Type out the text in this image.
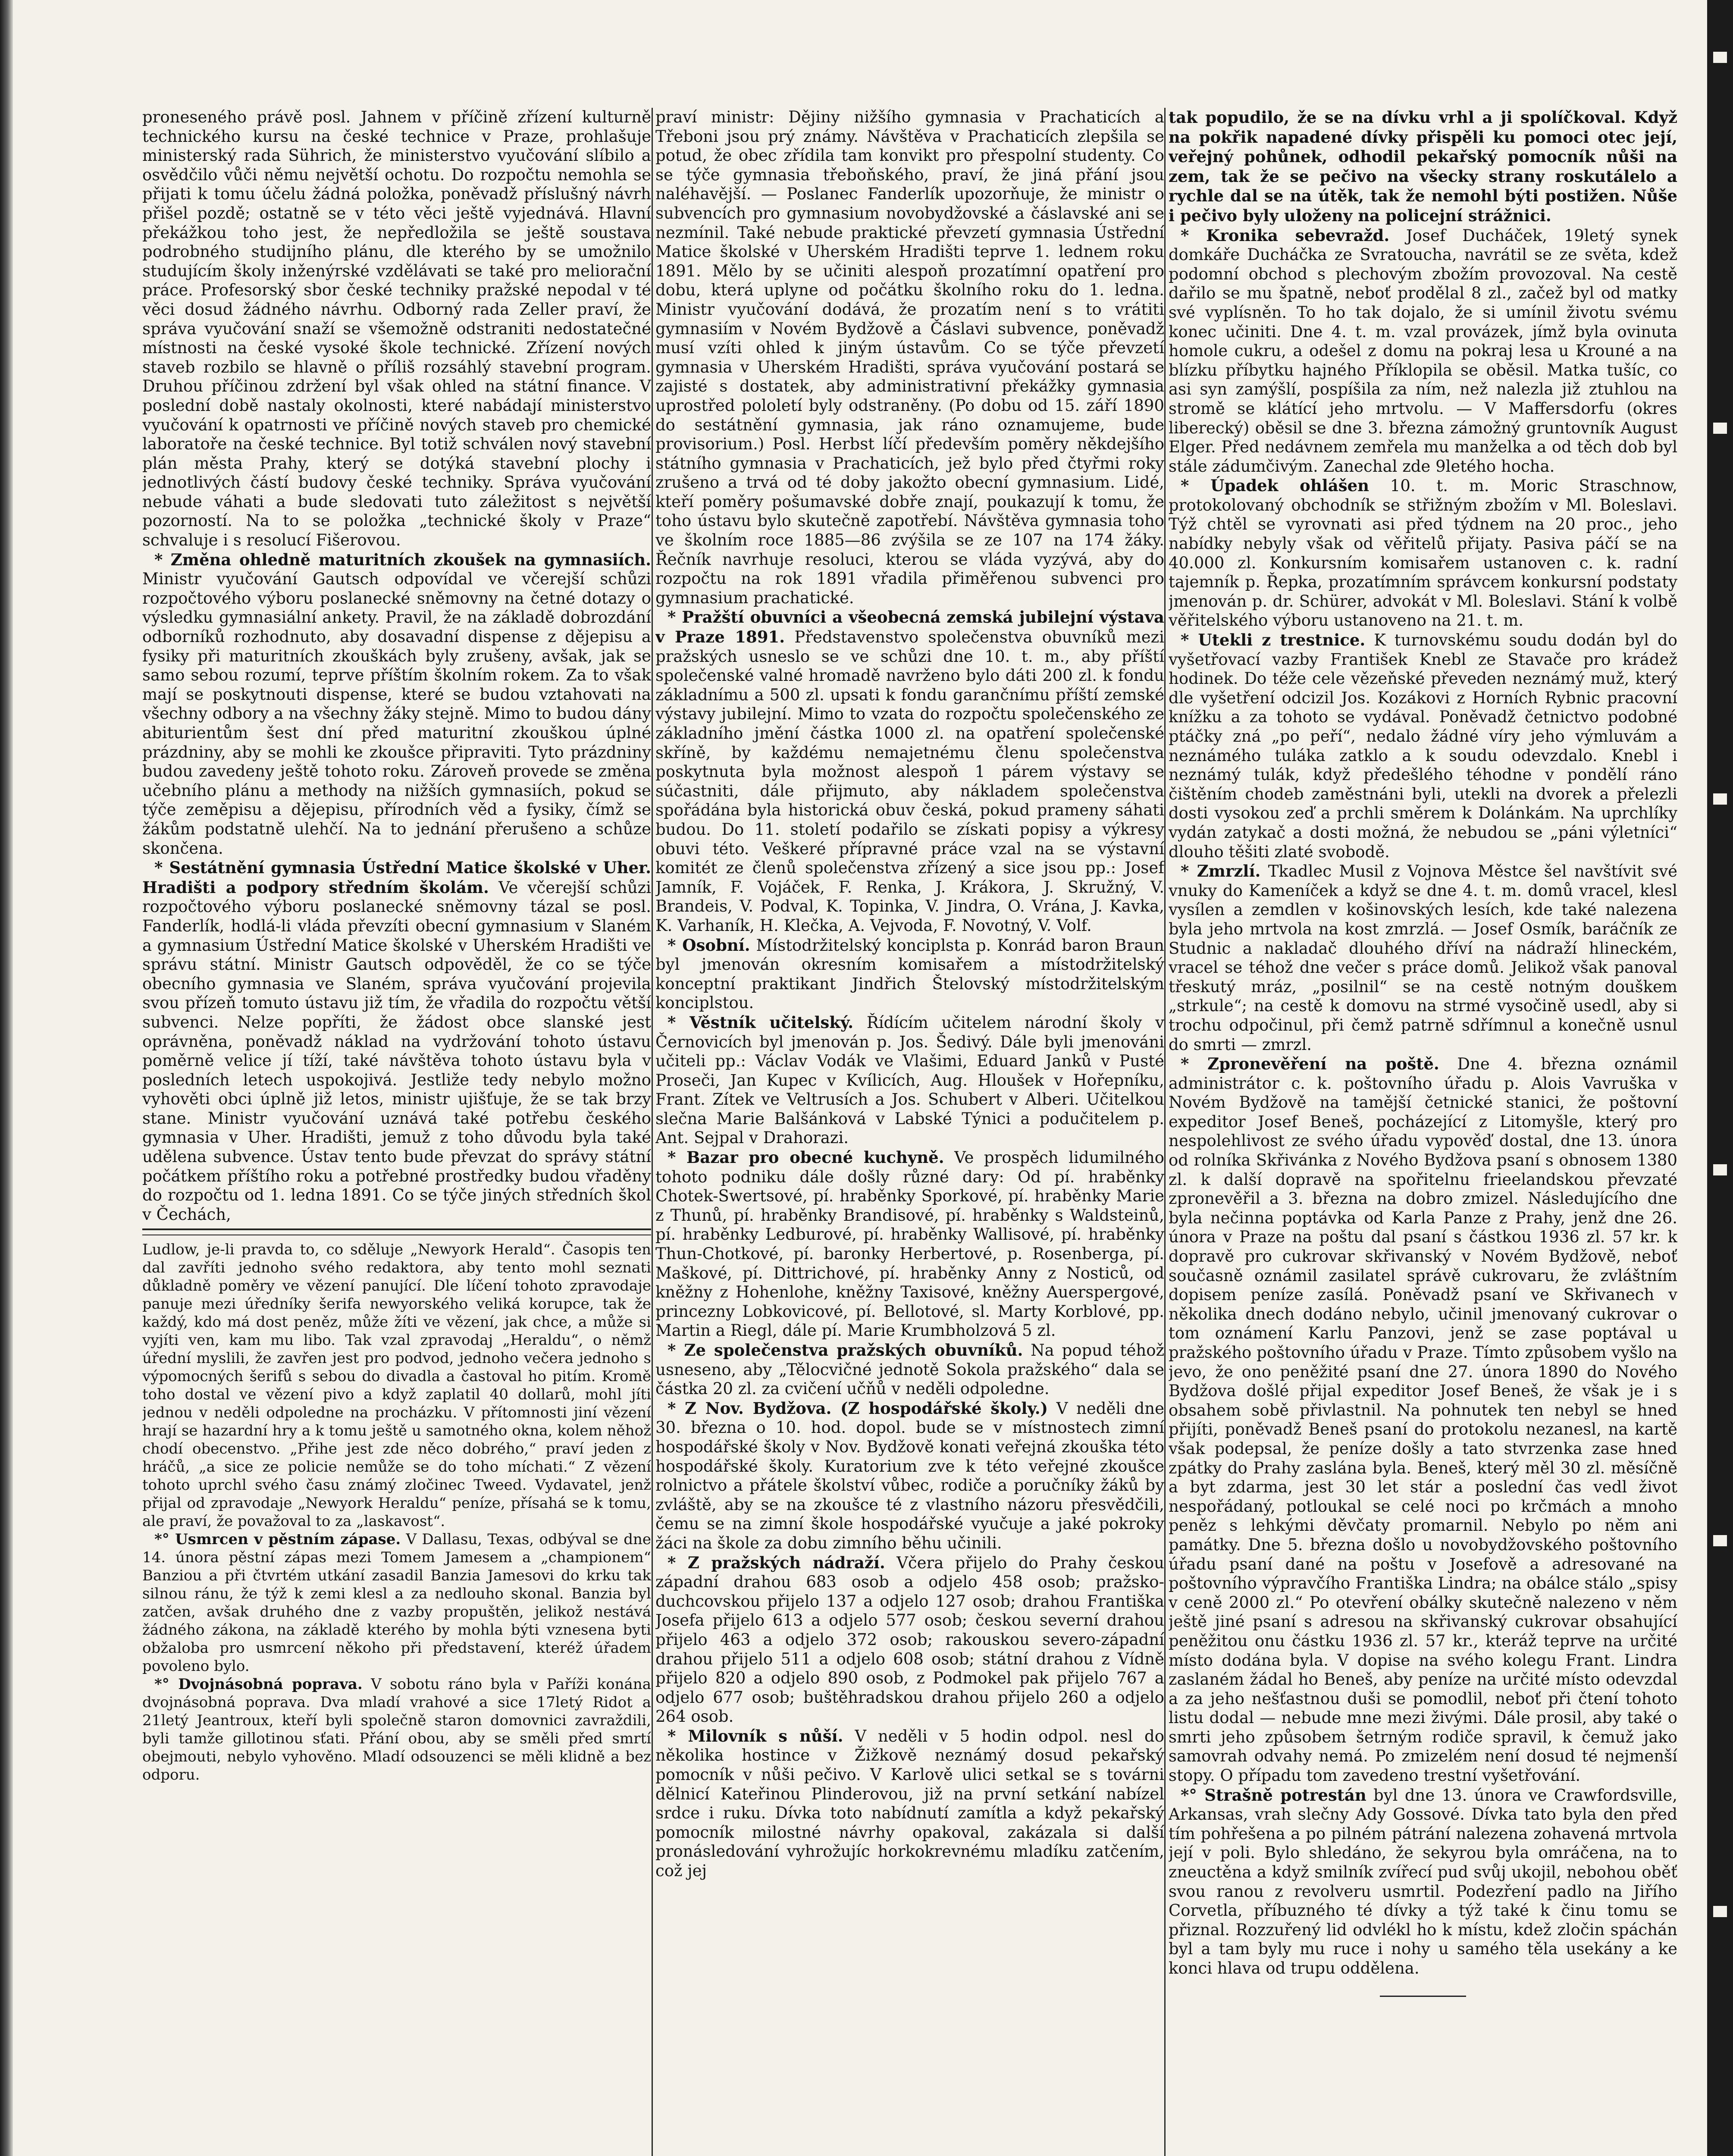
proneseného právě posl. Jahnem v příčině zřízení kulturně technického kursu na české technice v Praze, prohlašuje ministerský rada Sührich, že ministerstvo vyučování slíbilo a osvědčilo vůči němu největší ochotu. Do rozpočtu nemohla se přijati k tomu účelu žádná položka, poněvadž příslušný návrh přišel pozdě; ostatně se v této věci ještě vyjednává. Hlavní překážkou toho jest, že nepředložila se ještě soustava podrobného studijního plánu, dle kterého by se umožnilo studujícím školy inženýrské vzdělávati se také pro meliorační práce. Profesorský sbor české techniky pražské nepodal v té věci dosud žádného návrhu. Odborný rada Zeller praví, že správa vyučování snaží se všemožně odstraniti nedostatečné místnosti na české vysoké škole technické. Zřízení nových staveb rozbilo se hlavně o příliš rozsáhlý stavební program. Druhou příčinou zdržení byl však ohled na státní finance. V poslední době nastaly okolnosti, které nabádají ministerstvo vyučování k opatrnosti ve příčině nových staveb pro chemické laboratoře na české technice. Byl totiž schválen nový stavební plán města Prahy, který se dotýká stavební plochy i jednotlivých částí budovy české techniky. Správa vyučování nebude váhati a bude sledovati tuto záležitost s největší pozorností. Na to se položka „technické školy v Praze“ schvaluje i s resolucí Fišerovou.

* Změna ohledně maturitních zkoušek na gymnasiích. Ministr vyučování Gautsch odpovídal ve včerejší schůzi rozpočtového výboru poslanecké sněmovny na četné dotazy o výsledku gymnasiální ankety. Pravil, že na základě dobrozdání odborníků rozhodnuto, aby dosavadní dispense z dějepisu a fysiky při maturitních zkouškách byly zrušeny, avšak, jak se samo sebou rozumí, teprve příštím školním rokem. Za to však mají se poskytnouti dispense, které se budou vztahovati na všechny odbory a na všechny žáky stejně. Mimo to budou dány abiturientům šest dní před maturitní zkouškou úplné prázdniny, aby se mohli ke zkoušce připraviti. Tyto prázdniny budou zavedeny ještě tohoto roku. Zároveň provede se změna učebního plánu a methody na nižších gymnasiích, pokud se týče zeměpisu a dějepisu, přírodních věd a fysiky, čímž se žákům podstatně ulehčí. Na to jednání přerušeno a schůze skončena.

* Sestátnění gymnasia Ústřední Matice školské v Uher. Hradišti a podpory středním školám. Ve včerejší schůzi rozpočtového výboru poslanecké sněmovny tázal se posl. Fanderlík, hodlá-li vláda převzíti obecní gymnasium v Slaném a gymnasium Ústřední Matice školské v Uherském Hradišti ve správu státní. Ministr Gautsch odpověděl, že co se týče obecního gymnasia ve Slaném, správa vyučování projevila svou přízeň tomuto ústavu již tím, že vřadila do rozpočtu větší subvenci. Nelze popříti, že žádost obce slanské jest oprávněna, poněvadž náklad na vydržování tohoto ústavu poměrně velice jí tíží, také návštěva tohoto ústavu byla v posledních letech uspokojivá. Jestliže tedy nebylo možno vyhověti obci úplně již letos, ministr ujišťuje, že se tak brzy stane. Ministr vyučování uznává také potřebu českého gymnasia v Uher. Hradišti, jemuž z toho důvodu byla také udělena subvence. Ústav tento bude převzat do správy státní počátkem příštího roku a potřebné prostředky budou vřaděny do rozpočtu od 1. ledna 1891. Co se týče jiných středních škol v Čechách,

Ludlow, je-li pravda to, co sděluje „Newyork Herald“. Časopis ten dal zavříti jednoho svého redaktora, aby tento mohl seznati důkladně poměry ve vězení panující. Dle líčení tohoto zpravodaje panuje mezi úředníky šerifa newyorského veliká korupce, tak že každý, kdo má dost peněz, může žíti ve vězení, jak chce, a může si vyjíti ven, kam mu libo. Tak vzal zpravodaj „Heraldu“, o němž úřední myslili, že zavřen jest pro podvod, jednoho večera jednoho s výpomocných šerifů s sebou do divadla a častoval ho pitím. Kromě toho dostal ve vězení pivo a když zaplatil 40 dollarů, mohl jíti jednou v neděli odpoledne na procházku. V přítomnosti jiní vězení hrají se hazardní hry a k tomu ještě u samotného okna, kolem něhož chodí obecenstvo. „Přihe jest zde něco dobrého,“ praví jeden z hráčů, „a sice ze policie nemůže se do toho míchati.“ Z vězení tohoto uprchl svého času známý zločinec Tweed. Vydavatel, jenž přijal od zpravodaje „Newyork Heraldu“ peníze, přísahá se k tomu, ale praví, že považoval to za „laskavost“.

*° Usmrcen v pěstním zápase. V Dallasu, Texas, odbýval se dne 14. února pěstní zápas mezi Tomem Jamesem a „championem“ Banziou a při čtvrtém utkání zasadil Banzia Jamesovi do krku tak silnou ránu, že týž k zemi klesl a za nedlouho skonal. Banzia byl zatčen, avšak druhého dne z vazby propuštěn, jelikož nestává žádného zákona, na základě kterého by mohla býti vznesena byti obžaloba pro usmrcení někoho při představení, kteréž úřadem povoleno bylo.

*° Dvojnásobná poprava. V sobotu ráno byla v Paříži konána dvojnásobná poprava. Dva mladí vrahové a sice 17letý Ridot a 21letý Jeantroux, kteří byli společně staron domovnici zavraždili, byli tamže gillotinou sťati. Přání obou, aby se směli před smrtí obejmouti, nebylo vyhověno. Mladí odsouzenci se měli klidně a bez odporu.

praví ministr: Dějiny nižšího gymnasia v Prachaticích a Třeboni jsou prý známy. Návštěva v Prachaticích zlepšila se potud, že obec zřídila tam konvikt pro přespolní studenty. Co se týče gymnasia třeboňského, praví, že jiná přání jsou naléhavější. — Poslanec Fanderlík upozorňuje, že ministr o subvencích pro gymnasium novobydžovské a čáslavské ani se nezmínil. Také nebude praktické převzetí gymnasia Ústřední Matice školské v Uherském Hradišti teprve 1. lednem roku 1891. Mělo by se učiniti alespoň prozatímní opatření pro dobu, která uplyne od počátku školního roku do 1. ledna. Ministr vyučování dodává, že prozatím není s to vrátiti gymnasiím v Novém Bydžově a Čáslavi subvence, poněvadž musí vzíti ohled k jiným ústavům. Co se týče převzetí gymnasia v Uherském Hradišti, správa vyučování postará se zajisté s dostatek, aby administrativní překážky gymnasia uprostřed pololetí byly odstraněny. (Po dobu od 15. září 1890 do sestátnění gymnasia, jak ráno oznamujeme, bude provisorium.) Posl. Herbst líčí především poměry někdejšího státního gymnasia v Prachaticích, jež bylo před čtyřmi roky zrušeno a trvá od té doby jakožto obecní gymnasium. Lidé, kteří poměry pošumavské dobře znají, poukazují k tomu, že toho ústavu bylo skutečně zapotřebí. Návštěva gymnasia toho ve školním roce 1885—86 zvýšila se ze 107 na 174 žáky. Řečník navrhuje resoluci, kterou se vláda vyzývá, aby do rozpočtu na rok 1891 vřadila přiměřenou subvenci pro gymnasium prachatické.

* Pražští obuvníci a všeobecná zemská jubilejní výstava v Praze 1891. Představenstvo společenstva obuvníků mezi pražských usneslo se ve schůzi dne 10. t. m., aby příští společenské valné hromadě navrženo bylo dáti 200 zl. k fondu základnímu a 500 zl. upsati k fondu garančnímu příští zemské výstavy jubilejní. Mimo to vzata do rozpočtu společenského ze základního jmění částka 1000 zl. na opatření společenské skříně, by každému nemajetnému členu společenstva poskytnuta byla možnost alespoň 1 párem výstavy se súčastniti, dále přijmuto, aby nákladem společenstva spořádána byla historická obuv česká, pokud prameny sáhati budou. Do 11. století podařilo se získati popisy a výkresy obuvi této. Veškeré přípravné práce vzal na se výstavní komitét ze členů společenstva zřízený a sice jsou pp.: Josef Jamník, F. Vojáček, F. Renka, J. Krákora, J. Skružný, V. Brandeis, V. Podval, K. Topinka, V. Jindra, O. Vrána, J. Kavka, K. Varhaník, H. Klečka, A. Vejvoda, F. Novotný, V. Volf.

* Osobní. Místodržitelský konciplsta p. Konrád baron Braun byl jmenován okresním komisařem a místodržitelský konceptní praktikant Jindřich Štelovský místodržitelským konciplstou.

* Věstník učitelský. Řídícím učitelem národní školy v Černovicích byl jmenován p. Jos. Šedivý. Dále byli jmenováni učiteli pp.: Václav Vodák ve Vlašimi, Eduard Janků v Pusté Proseči, Jan Kupec v Kvílicích, Aug. Hloušek v Hořepníku, Frant. Zítek ve Veltrusích a Jos. Schubert v Alberi. Učitelkou slečna Marie Balšánková v Labské Týnici a podučitelem p. Ant. Sejpal v Drahorazi.

* Bazar pro obecné kuchyně. Ve prospěch lidumilného tohoto podniku dále došly různé dary: Od pí. hraběnky Chotek-Swertsové, pí. hraběnky Sporkové, pí. hraběnky Marie z Thunů, pí. hraběnky Brandisové, pí. hraběnky s Waldsteinů, pí. hraběnky Ledburové, pí. hraběnky Wallisové, pí. hraběnky Thun-Chotkové, pí. baronky Herbertové, p. Rosenberga, pí. Maškové, pí. Dittrichové, pí. hraběnky Anny z Nosticů, od kněžny z Hohenlohe, kněžny Taxisové, kněžny Auerspergové, princezny Lobkovicové, pí. Bellotové, sl. Marty Korblové, pp. Martin a Riegl, dále pí. Marie Krumbholzová 5 zl.

* Ze společenstva pražských obuvníků. Na popud téhož usneseno, aby „Tělocvičné jednotě Sokola pražského“ dala se částka 20 zl. za cvičení učňů v neděli odpoledne.

* Z Nov. Bydžova. (Z hospodářské školy.) V neděli dne 30. března o 10. hod. dopol. bude se v místnostech zimní hospodářské školy v Nov. Bydžově konati veřejná zkouška této hospodářské školy. Kuratorium zve k této veřejné zkoušce rolnictvo a přátele školství vůbec, rodiče a poručníky žáků by zvláště, aby se na zkoušce té z vlastního názoru přesvědčili, čemu se na zimní škole hospodářské vyučuje a jaké pokroky žáci na škole za dobu zimního běhu učinili.

* Z pražských nádraží. Včera přijelo do Prahy českou západní drahou 683 osob a odjelo 458 osob; pražsko-duchcovskou přijelo 137 a odjelo 127 osob; drahou Františka Josefa přijelo 613 a odjelo 577 osob; českou severní drahou přijelo 463 a odjelo 372 osob; rakouskou severo-západní drahou přijelo 511 a odjelo 608 osob; státní drahou z Vídně přijelo 820 a odjelo 890 osob, z Podmokel pak přijelo 767 a odjelo 677 osob; buštěhradskou drahou přijelo 260 a odjelo 264 osob.

* Milovník s nůší. V neděli v 5 hodin odpol. nesl do několika hostince v Žižkově neznámý dosud pekařský pomocník v nůši pečivo. V Karlově ulici setkal se s továrni dělnicí Kateřinou Plinderovou, již na první setkání nabízel srdce i ruku. Dívka toto nabídnutí zamítla a když pekařský pomocník milostné návrhy opakoval, zakázala si další pronásledování vyhrožujíc horkokrevnému mladíku zatčením, což jej

tak popudilo, že se na dívku vrhl a ji spolíčkoval. Když na pokřik napadené dívky přispěli ku pomoci otec její, veřejný pohůnek, odhodil pekařský pomocník nůši na zem, tak že se pečivo na všecky strany roskutálelo a rychle dal se na útěk, tak že nemohl býti postižen. Nůše i pečivo byly uloženy na policejní strážnici.

* Kronika sebevražd. Josef Ducháček, 19letý synek domkáře Ducháčka ze Svratoucha, navrátil se ze světa, kdež podomní obchod s plechovým zbožím provozoval. Na cestě dařilo se mu špatně, neboť prodělal 8 zl., začež byl od matky své vyplísněn. To ho tak dojalo, že si umínil životu svému konec učiniti. Dne 4. t. m. vzal provázek, jímž byla ovinuta homole cukru, a odešel z domu na pokraj lesa u Krouné a na blízku příbytku hajného Příklopila se oběsil. Matka tušíc, co asi syn zamýšlí, pospíšila za ním, než nalezla již ztuhlou na stromě se klátící jeho mrtvolu. — V Maffersdorfu (okres liberecký) oběsil se dne 3. března zámožný gruntovník August Elger. Před nedávnem zemřela mu manželka a od těch dob byl stále zádumčivým. Zanechal zde 9letého hocha.

* Úpadek ohlášen 10. t. m. Moric Straschnow, protokolovaný obchodník se střižným zbožím v Ml. Boleslavi. Týž chtěl se vyrovnati asi před týdnem na 20 proc., jeho nabídky nebyly však od věřitelů přijaty. Pasiva páčí se na 40.000 zl. Konkursním komisařem ustanoven c. k. radní tajemník p. Řepka, prozatímním správcem konkursní podstaty jmenován p. dr. Schürer, advokát v Ml. Boleslavi. Stání k volbě věřitelského výboru ustanoveno na 21. t. m.

* Utekli z trestnice. K turnovskému soudu dodán byl do vyšetřovací vazby František Knebl ze Stavače pro krádež hodinek. Do téže cele vězeňské převeden neznámý muž, který dle vyšetření odcizil Jos. Kozákovi z Horních Rybnic pracovní knížku a za tohoto se vydával. Poněvadž četnictvo podobné ptáčky zná „po peří“, nedalo žádné víry jeho výmluvám a neznámého tuláka zatklo a k soudu odevzdalo. Knebl i neznámý tulák, když předešlého téhodne v pondělí ráno čištěním chodeb zaměstnáni byli, utekli na dvorek a přelezli dosti vysokou zeď a prchli směrem k Dolánkám. Na uprchlíky vydán zatykač a dosti možná, že nebudou se „páni výletníci“ dlouho těšiti zlaté svobodě.

* Zmrzlí. Tkadlec Musil z Vojnova Městce šel navštívit své vnuky do Kameníček a když se dne 4. t. m. domů vracel, klesl vysílen a zemdlen v košinovských lesích, kde také nalezena byla jeho mrtvola na kost zmrzlá. — Josef Osmík, baráčník ze Studnic a nakladač dlouhého dříví na nádraží hlineckém, vracel se téhož dne večer s práce domů. Jelikož však panoval třeskutý mráz, „posilnil“ se na cestě notným douškem „strkule“; na cestě k domovu na strmé vysočině usedl, aby si trochu odpočinul, při čemž patrně sdřímnul a konečně usnul do smrti — zmrzl.

* Zpronevěření na poště. Dne 4. března oznámil administrátor c. k. poštovního úřadu p. Alois Vavruška v Novém Bydžově na tamější četnické stanici, že poštovní expeditor Josef Beneš, pocházející z Litomyšle, který pro nespolehlivost ze svého úřadu vypověď dostal, dne 13. února od rolníka Skřivánka z Nového Bydžova psaní s obnosem 1380 zl. k další dopravě na spořitelnu frieelandskou převzaté zpronevěřil a 3. března na dobro zmizel. Následujícího dne byla nečinna poptávka od Karla Panze z Prahy, jenž dne 26. února v Praze na poštu dal psaní s částkou 1936 zl. 57 kr. k dopravě pro cukrovar skřivanský v Novém Bydžově, neboť současně oznámil zasilatel správě cukrovaru, že zvláštním dopisem peníze zasílá. Poněvadž psaní ve Skřivanech v několika dnech dodáno nebylo, učinil jmenovaný cukrovar o tom oznámení Karlu Panzovi, jenž se zase poptával u pražského poštovního úřadu v Praze. Tímto způsobem vyšlo na jevo, že ono peněžité psaní dne 27. února 1890 do Nového Bydžova došlé přijal expeditor Josef Beneš, že však je i s obsahem sobě přivlastnil. Na pohnutek ten nebyl se hned přijíti, poněvadž Beneš psaní do protokolu nezanesl, na kartě však podepsal, že peníze došly a tato stvrzenka zase hned zpátky do Prahy zaslána byla. Beneš, který měl 30 zl. měsíčně a byt zdarma, jest 30 let stár a poslední čas vedl život nespořádaný, potloukal se celé noci po krčmách a mnoho peněz s lehkými děvčaty promarnil. Nebylo po něm ani památky. Dne 5. března došlo u novobydžovského poštovního úřadu psaní dané na poštu v Josefově a adresované na poštovního výpravčího Františka Lindra; na obálce stálo „spisy v ceně 2000 zl.“ Po otevření obálky skutečně nalezeno v něm ještě jiné psaní s adresou na skřivanský cukrovar obsahující peněžitou onu částku 1936 zl. 57 kr., kteráž teprve na určité místo dodána byla. V dopise na svého kolegu Frant. Lindra zaslaném žádal ho Beneš, aby peníze na určité místo odevzdal a za jeho nešťastnou duši se pomodlil, neboť při čtení tohoto listu dodal — nebude mne mezi živými. Dále prosil, aby také o smrti jeho způsobem šetrným rodiče spravil, k čemuž jako samovrah odvahy nemá. Po zmizelém není dosud té nejmenší stopy. O případu tom zavedeno trestní vyšetřování.

*° Strašně potrestán byl dne 13. února ve Crawfordsville, Arkansas, vrah slečny Ady Gossové. Dívka tato byla den před tím pohřešena a po pilném pátrání nalezena zohavená mrtvola její v poli. Bylo shledáno, že sekyrou byla omráčena, na to zneuctěna a když smilník zvířecí pud svůj ukojil, nebohou oběť svou ranou z revolveru usmrtil. Podezření padlo na Jiřího Corvetla, příbuzného té dívky a týž také k činu tomu se přiznal. Rozzuřený lid odvlékl ho k místu, kdež zločin spáchán byl a tam byly mu ruce i nohy u samého těla usekány a ke konci hlava od trupu oddělena.
